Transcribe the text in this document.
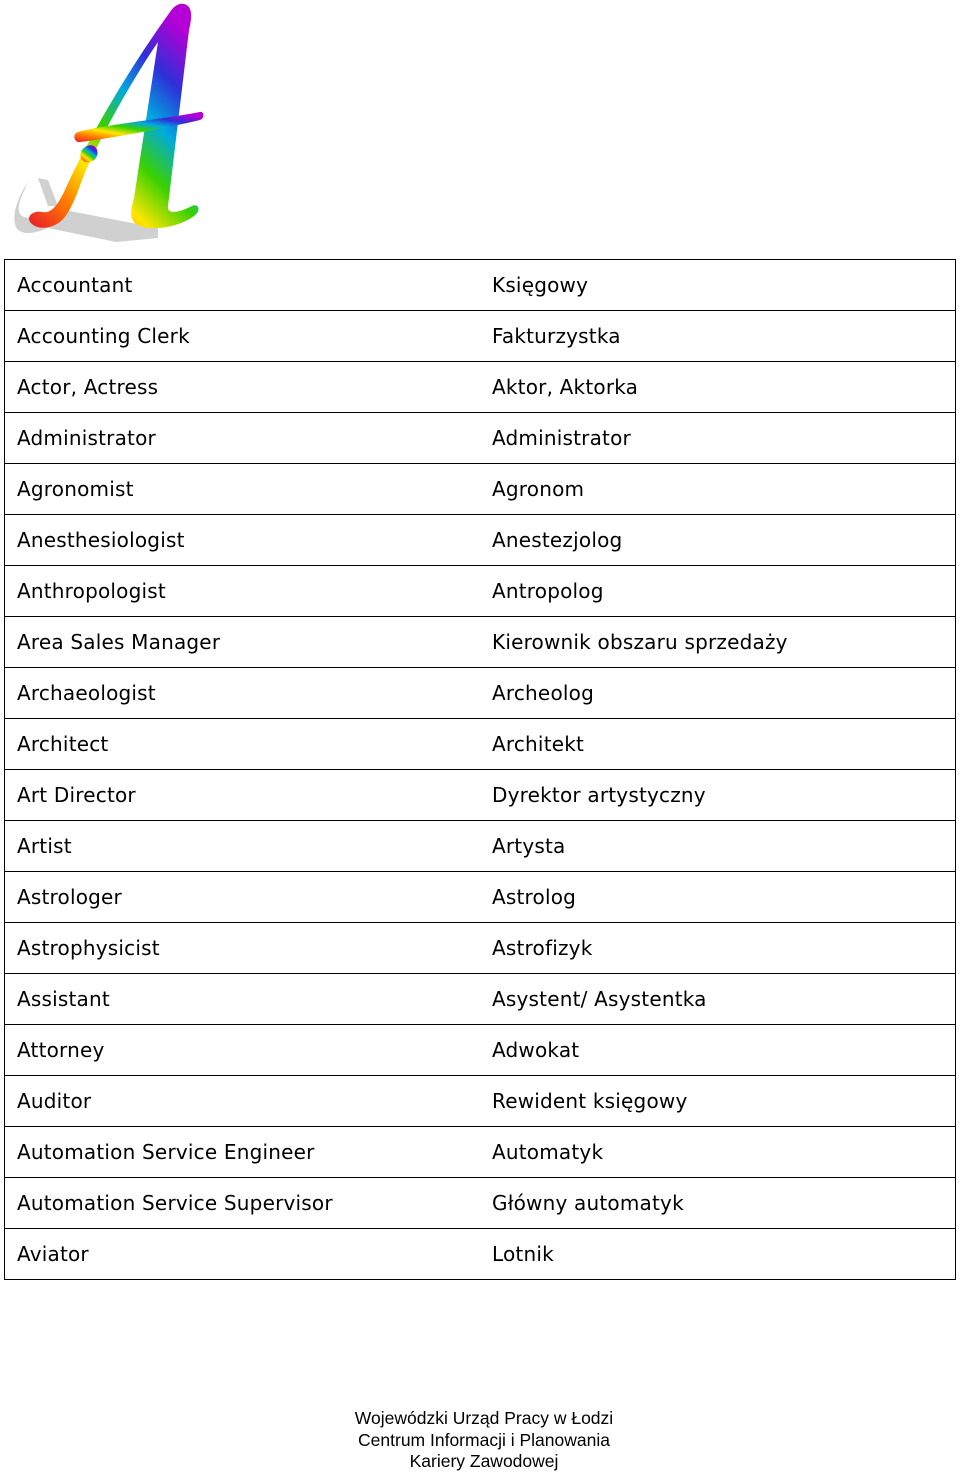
Accountant	Księgowy
Accounting Clerk	Fakturzystka
Actor, Actress	Aktor, Aktorka
Administrator	Administrator
Agronomist	Agronom
Anesthesiologist	Anestezjolog
Anthropologist	Antropolog
Area Sales Manager	Kierownik obszaru sprzedaży
Archaeologist	Archeolog
Architect	Architekt
Art Director	Dyrektor artystyczny
Artist	Artysta
Astrologer	Astrolog
Astrophysicist	Astrofizyk
Assistant	Asystent/ Asystentka
Attorney	Adwokat
Auditor	Rewident księgowy
Automation Service Engineer	Automatyk
Automation Service Supervisor	Główny automatyk
Aviator	Lotnik
Wojewódzki Urząd Pracy w Łodzi
Centrum Informacji i Planowania
Kariery Zawodowej
